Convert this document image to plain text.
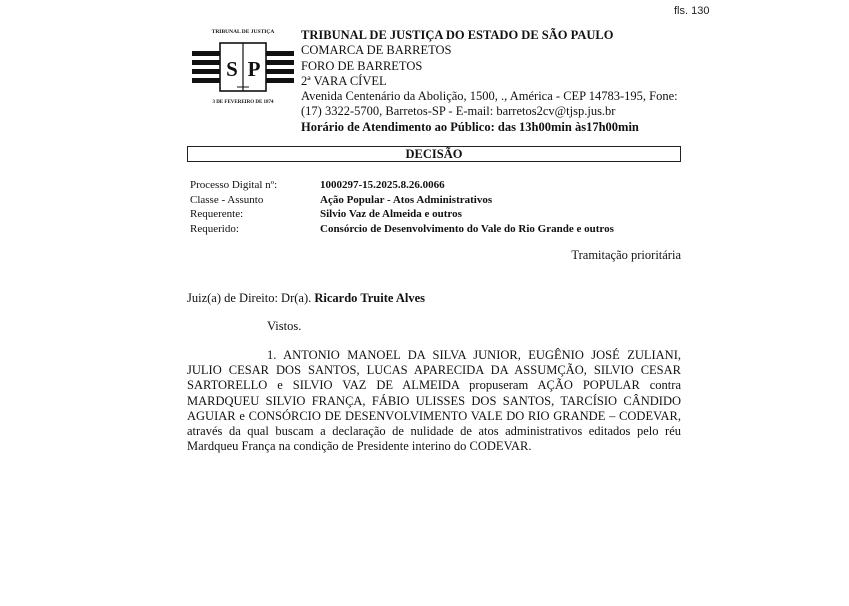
fls. 130
TRIBUNAL DE JUSTIÇA
S P
3 DE FEVEREIRO DE 1874
TRIBUNAL DE JUSTIÇA DO ESTADO DE SÃO PAULO
COMARCA DE BARRETOS
FORO DE BARRETOS
2ª VARA CÍVEL
Avenida Centenário da Abolição, 1500, ., América - CEP 14783-195, Fone:
(17) 3322-5700, Barretos-SP - E-mail: barretos2cv@tjsp.jus.br
Horário de Atendimento ao Público: das 13h00min às17h00min
DECISÃO
Processo Digital nº:	1000297-15.2025.8.26.0066
Classe - Assunto	Ação Popular - Atos Administrativos
Requerente:	Silvio Vaz de Almeida e outros
Requerido:	Consórcio de Desenvolvimento do Vale do Rio Grande e outros
Tramitação prioritária
Juiz(a) de Direito: Dr(a). Ricardo Truite Alves
Vistos.

1. ANTONIO MANOEL DA SILVA JUNIOR, EUGÊNIO JOSÉ ZULIANI, JULIO CESAR DOS SANTOS, LUCAS APARECIDA DA ASSUMÇÃO, SILVIO CESAR SARTORELLO e SILVIO VAZ DE ALMEIDA propuseram AÇÃO POPULAR contra MARDQUEU SILVIO FRANÇA, FÁBIO ULISSES DOS SANTOS, TARCÍSIO CÂNDIDO AGUIAR e CONSÓRCIO DE DESENVOLVIMENTO VALE DO RIO GRANDE – CODEVAR, através da qual buscam a declaração de nulidade de atos administrativos editados pelo réu Mardqueu França na condição de Presidente interino do CODEVAR.
